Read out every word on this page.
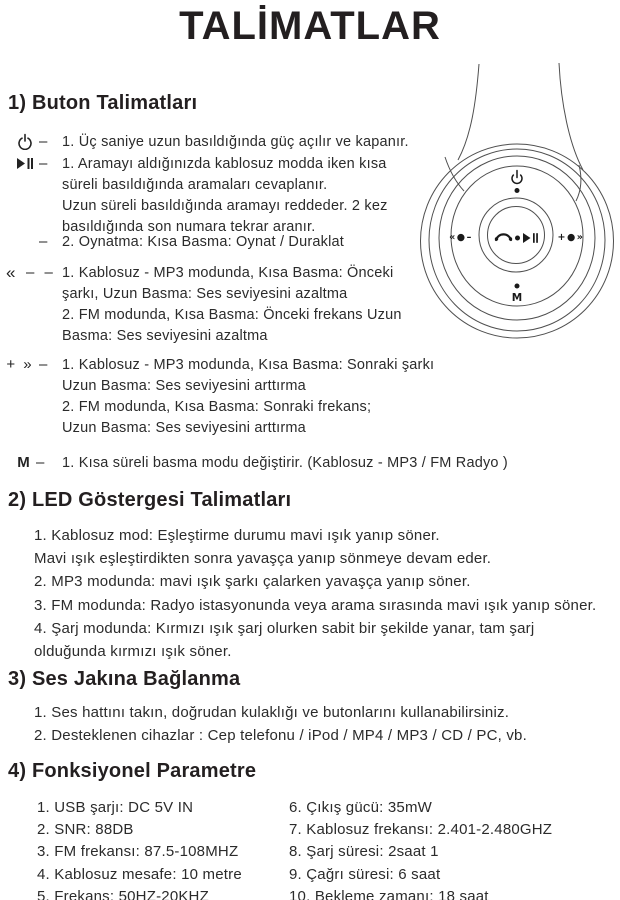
TALİMATLAR
«●–	+●»
M
1) Buton Talimatları
– 1. Üç saniye uzun basıldığında güç açılır ve kapanır.
– 1. Aramayı aldığınızda kablosuz modda iken kısa
süreli basıldığında aramaları cevaplanır.
Uzun süreli basıldığında aramayı reddeder. 2 kez
basıldığında son numara tekrar aranır.
– 2. Oynatma: Kısa Basma: Oynat / Duraklat
« – – 1. Kablosuz - MP3 modunda, Kısa Basma: Önceki
şarkı, Uzun Basma: Ses seviyesini azaltma
2. FM modunda, Kısa Basma: Önceki frekans Uzun
Basma: Ses seviyesini azaltma
+ » – 1. Kablosuz - MP3 modunda, Kısa Basma: Sonraki şarkı
Uzun Basma: Ses seviyesini arttırma
2. FM modunda, Kısa Basma: Sonraki frekans;
Uzun Basma: Ses seviyesini arttırma
M – 1. Kısa süreli basma modu değiştirir. (Kablosuz - MP3 / FM Radyo )
2) LED Göstergesi Talimatları
1. Kablosuz mod: Eşleştirme durumu mavi ışık yanıp söner.
Mavi ışık eşleştirdikten sonra yavaşça yanıp sönmeye devam eder.
2. MP3 modunda: mavi ışık şarkı çalarken yavaşça yanıp söner.
3. FM modunda: Radyo istasyonunda veya arama sırasında mavi ışık yanıp söner.
4. Şarj modunda: Kırmızı ışık şarj olurken sabit bir şekilde yanar, tam şarj
olduğunda kırmızı ışık söner.
3) Ses Jakına Bağlanma
1. Ses hattını takın, doğrudan kulaklığı ve butonlarını kullanabilirsiniz.
2. Desteklenen cihazlar : Cep telefonu / iPod / MP4 / MP3 / CD / PC, vb.
4) Fonksiyonel Parametre
1. USB şarjı: DC 5V IN
2. SNR: 88DB
3. FM frekansı: 87.5-108MHZ
4. Kablosuz mesafe: 10 metre
5. Frekans: 50HZ-20KHZ
6. Çıkış gücü: 35mW
7. Kablosuz frekansı: 2.401-2.480GHZ
8. Şarj süresi: 2saat 1
9. Çağrı süresi: 6 saat
10. Bekleme zamanı: 18 saat
